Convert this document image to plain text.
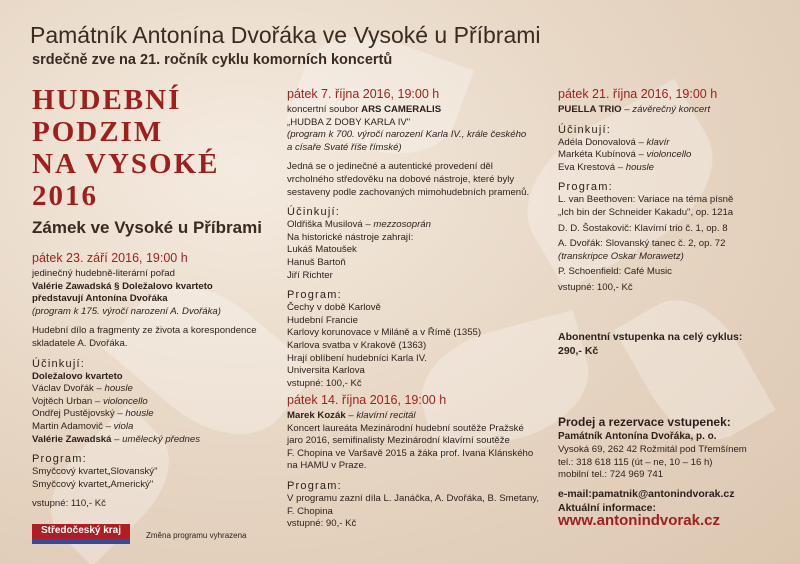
Památník Antonína Dvořáka ve Vysoké u Příbrami
srdečně zve na 21. ročník cyklu komorních koncertů
HUDEBNÍ
PODZIM
NA VYSOKÉ
2016
Zámek ve Vysoké u Příbrami
pátek 23. září 2016, 19:00 h
jedinečný hudebně-literární pořad
Valérie Zawadská § Doležalovo kvarteto
představují Antonína Dvořáka
(program k 175. výročí narození A. Dvořáka)
Hudební dílo a fragmenty ze života a korespondence
skladatele A. Dvořáka.
Účinkují:
Doležalovo kvarteto
Václav Dvořák – housle
Vojtěch Urban – violoncello
Ondřej Pustějovský – housle
Martin Adamovič – viola
Valérie Zawadská – umělecký přednes
Program:
Smyčcový kvartet„Slovanský"
Smyčcový kvartet„Americký"
vstupné: 110,- Kč
pátek 7. října 2016, 19:00 h
koncertní soubor ARS CAMERALIS
„HUDBA Z DOBY KARLA IV"
(program k 700. výročí narození Karla IV., krále českého
a císaře Svaté říše římské)
Jedná se o jedinečné a autentické provedení děl
vrcholného středověku na dobové nástroje, které byly
sestaveny podle zachovaných mimohudebních pramenů.
Účinkují:
Oldřiška Musilová – mezzosoprán
Na historické nástroje zahrají:
Lukáš Matoušek
Hanuš Bartoň
Jiří Richter
Program:
Čechy v době Karlově
Hudební Francie
Karlovy korunovace v Miláně a v Římě (1355)
Karlova svatba v Krakově (1363)
Hrají oblíbení hudebníci Karla IV.
Universita Karlova
vstupné: 100,- Kč
pátek 14. října 2016, 19:00 h
Marek Kozák – klavírní recitál
Koncert laureáta Mezinárodní hudební soutěže Pražské
jaro 2016, semifinalisty Mezinárodní klavírní soutěže
F. Chopina ve Varšavě 2015 a žáka prof. Ivana Klánského
na HAMU v Praze.
Program:
V programu zazní díla L. Janáčka, A. Dvořáka, B. Smetany,
F. Chopina
vstupné: 90,- Kč
pátek 21. října 2016, 19:00 h
PUELLA TRIO – závěrečný koncert
Účinkují:
Adéla Donovalová – klavír
Markéta Kubínová – violoncello
Eva Krestová – housle
Program:
L. van Beethoven: Variace na téma písně
„Ich bin der Schneider Kakadu", op. 121a
D. D. Šostakovič: Klavírní trio č. 1, op. 8
A. Dvořák: Slovanský tanec č. 2, op. 72
(transkripce Oskar Morawetz)
P. Schoenfield: Café Music
vstupné: 100,- Kč
Abonentní vstupenka na celý cyklus:
290,- Kč
Prodej a rezervace vstupenek:
Památník Antonína Dvořáka, p. o.
Vysoká 69, 262 42 Rožmitál pod Třemšínem
tel.: 318 618 115 (út – ne, 10 – 16 h)
mobilní tel.: 724 969 741
e-mail:pamatnik@antonindvorak.cz
Aktuální informace:
www.antonindvorak.cz
Středočeský kraj	Změna programu vyhrazena
